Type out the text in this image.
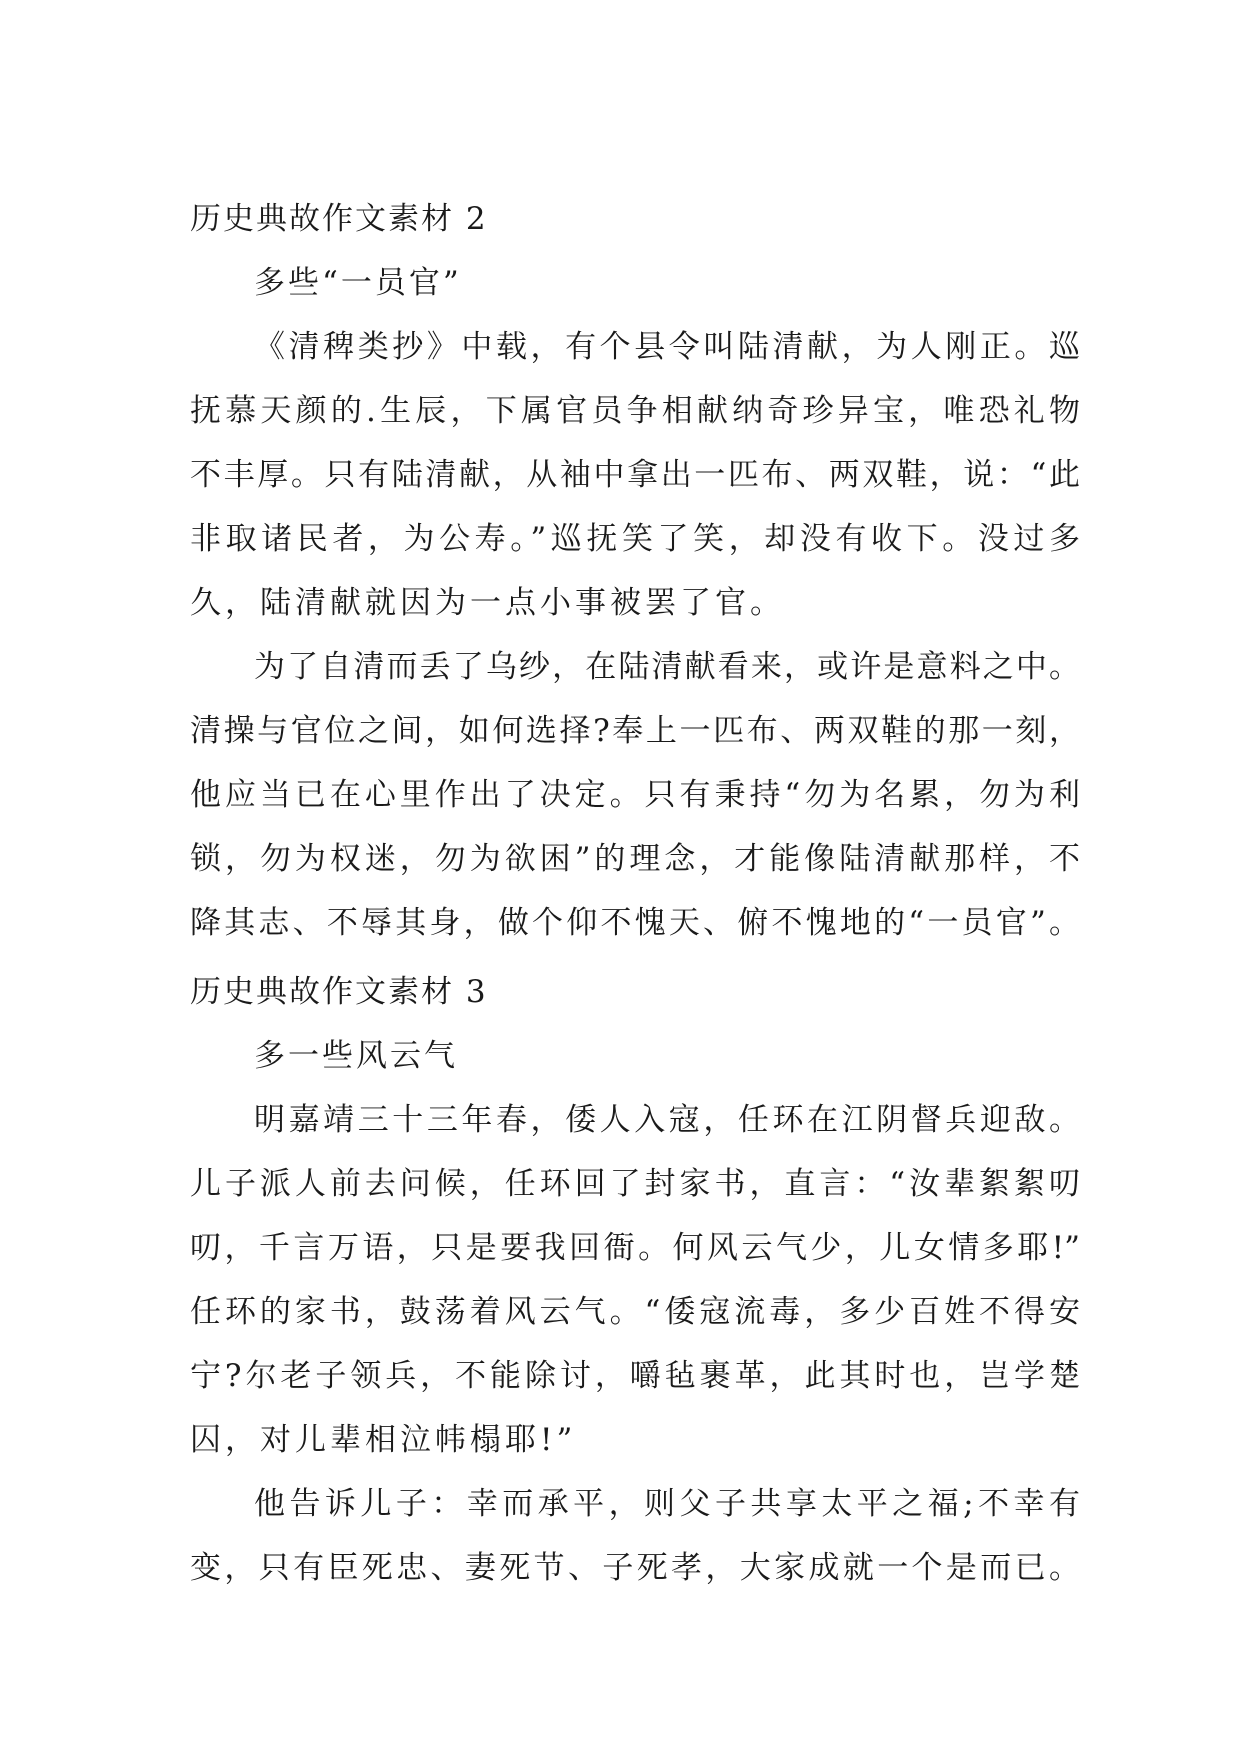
历史典故作文素材 2
多些“一员官”
《清稗类抄》中载，有个县令叫陆清献，为人刚正。巡
抚慕天颜的.生辰，下属官员争相献纳奇珍异宝，唯恐礼物
不丰厚。只有陆清献，从袖中拿出一匹布、两双鞋，说：“此
非取诸民者，为公寿。”巡抚笑了笑，却没有收下。没过多
久，陆清献就因为一点小事被罢了官。
为了自清而丢了乌纱，在陆清献看来，或许是意料之中。
清操与官位之间，如何选择?奉上一匹布、两双鞋的那一刻，
他应当已在心里作出了决定。只有秉持“勿为名累，勿为利
锁，勿为权迷，勿为欲困”的理念，才能像陆清献那样，不
降其志、不辱其身，做个仰不愧天、俯不愧地的“一员官”。
历史典故作文素材 3
多一些风云气
明嘉靖三十三年春，倭人入寇，任环在江阴督兵迎敌。
儿子派人前去问候，任环回了封家书，直言：“汝辈絮絮叨
叨，千言万语，只是要我回衙。何风云气少，儿女情多耶!”
任环的家书，鼓荡着风云气。“倭寇流毒，多少百姓不得安
宁?尔老子领兵，不能除讨，嚼毡裹革，此其时也，岂学楚
囚，对儿辈相泣帏榻耶!”
他告诉儿子：幸而承平，则父子共享太平之福;不幸有
变，只有臣死忠、妻死节、子死孝，大家成就一个是而已。
